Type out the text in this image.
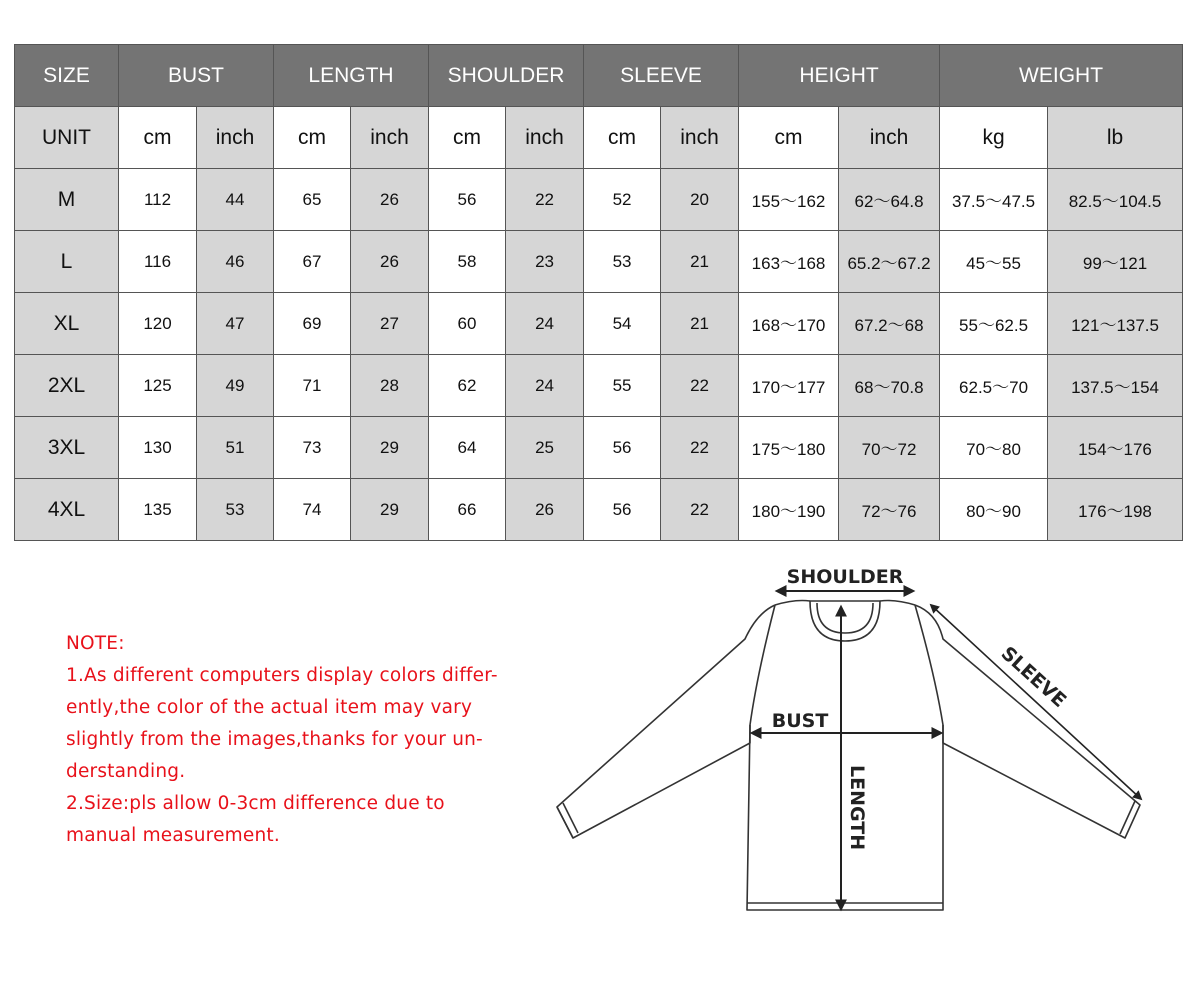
SIZE	BUST		LENGTH		SHOULDER		SLEEVE		HEIGHT		WEIGHT	
UNIT	cm	inch	cm	inch	cm	inch	cm	inch	cm	inch	kg	lb
M	112	44	65	26	56	22	52	20	155～162	62～64.8	37.5～47.5	82.5～104.5
L	116	46	67	26	58	23	53	21	163～168	65.2～67.2	45～55	99～121
XL	120	47	69	27	60	24	54	21	168～170	67.2～68	55～62.5	121～137.5
2XL	125	49	71	28	62	24	55	22	170～177	68～70.8	62.5～70	137.5～154
3XL	130	51	73	29	64	25	56	22	175～180	70～72	70～80	154～176
4XL	135	53	74	29	66	26	56	22	180～190	72～76	80～90	176～198

NOTE:

1.As different computers display colors differ-

ently,the color of the actual item may vary

slightly from the images,thanks for your un-

derstanding.

2.Size:pls allow 0-3cm difference due to

manual measurement.

SHOULDER
SLEEVE
BUST
LENGTH
